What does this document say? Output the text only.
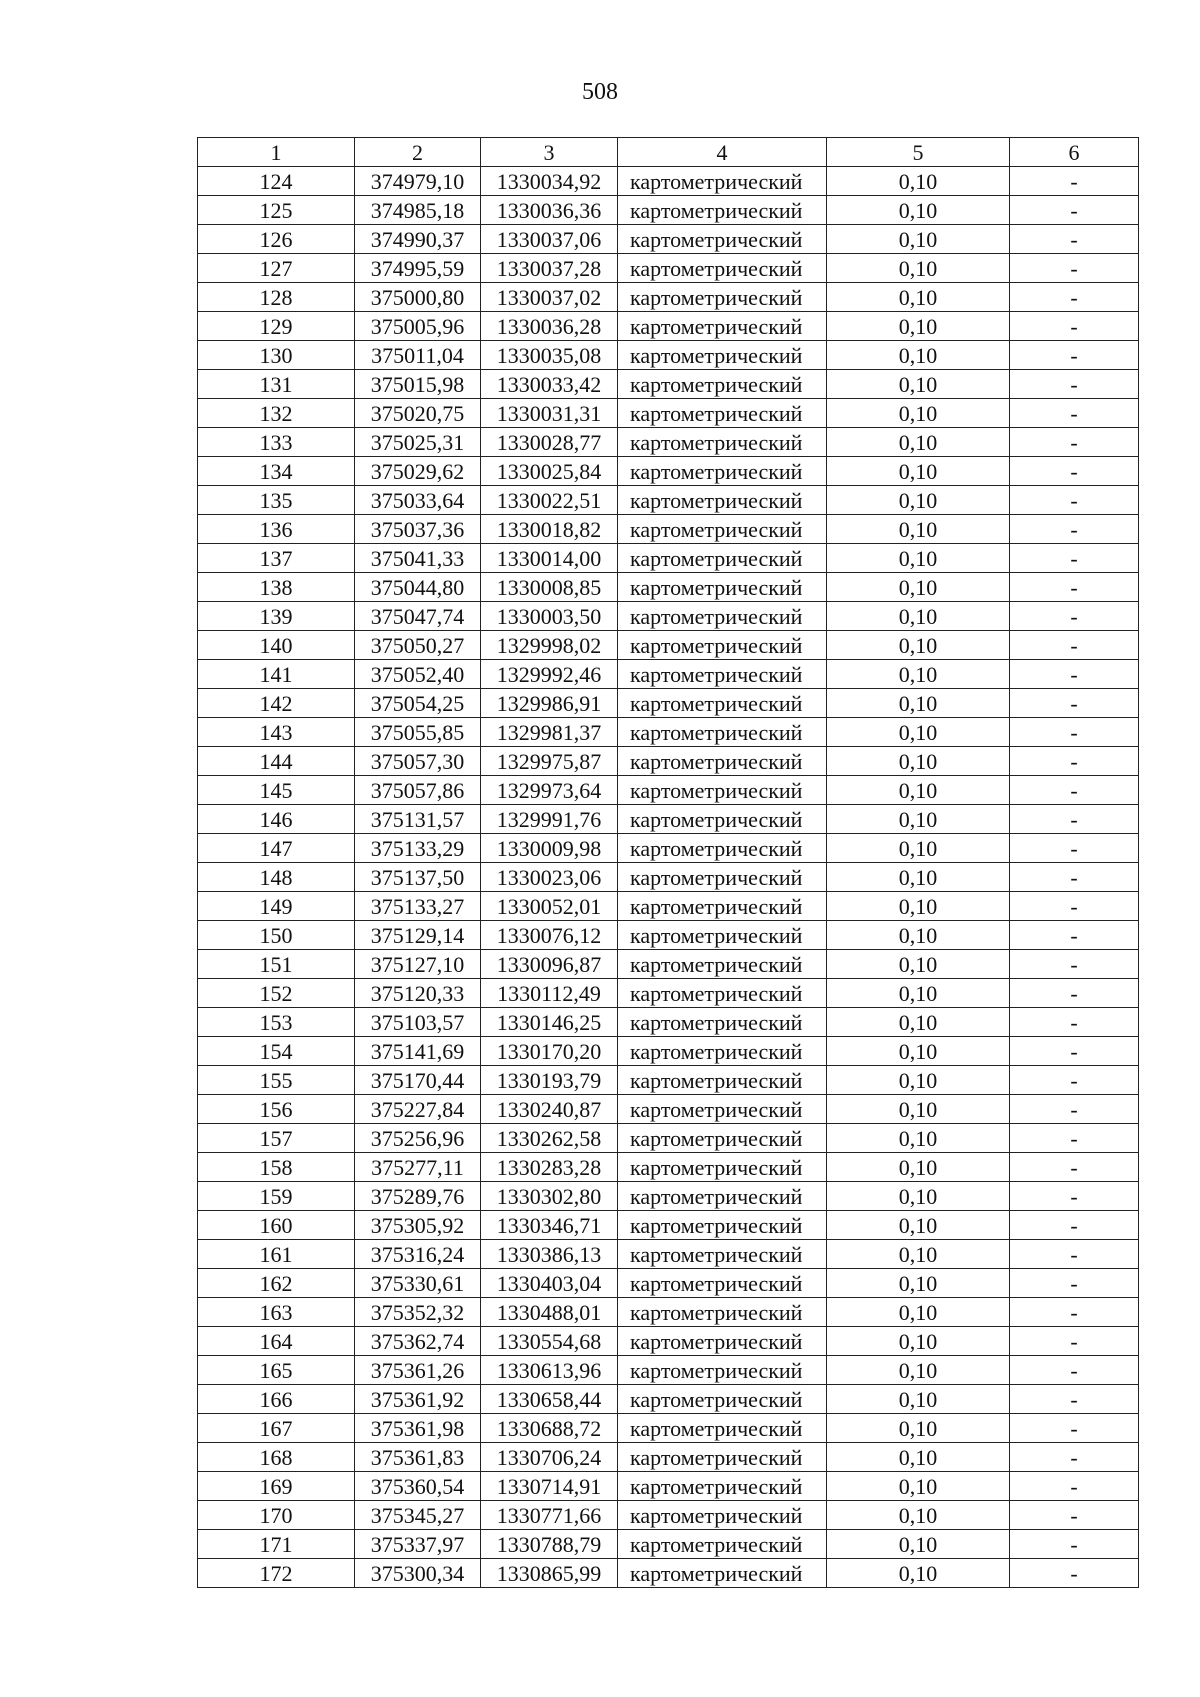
508
1	2	3	4	5	6
124	374979,10	1330034,92	картометрический	0,10	-
125	374985,18	1330036,36	картометрический	0,10	-
126	374990,37	1330037,06	картометрический	0,10	-
127	374995,59	1330037,28	картометрический	0,10	-
128	375000,80	1330037,02	картометрический	0,10	-
129	375005,96	1330036,28	картометрический	0,10	-
130	375011,04	1330035,08	картометрический	0,10	-
131	375015,98	1330033,42	картометрический	0,10	-
132	375020,75	1330031,31	картометрический	0,10	-
133	375025,31	1330028,77	картометрический	0,10	-
134	375029,62	1330025,84	картометрический	0,10	-
135	375033,64	1330022,51	картометрический	0,10	-
136	375037,36	1330018,82	картометрический	0,10	-
137	375041,33	1330014,00	картометрический	0,10	-
138	375044,80	1330008,85	картометрический	0,10	-
139	375047,74	1330003,50	картометрический	0,10	-
140	375050,27	1329998,02	картометрический	0,10	-
141	375052,40	1329992,46	картометрический	0,10	-
142	375054,25	1329986,91	картометрический	0,10	-
143	375055,85	1329981,37	картометрический	0,10	-
144	375057,30	1329975,87	картометрический	0,10	-
145	375057,86	1329973,64	картометрический	0,10	-
146	375131,57	1329991,76	картометрический	0,10	-
147	375133,29	1330009,98	картометрический	0,10	-
148	375137,50	1330023,06	картометрический	0,10	-
149	375133,27	1330052,01	картометрический	0,10	-
150	375129,14	1330076,12	картометрический	0,10	-
151	375127,10	1330096,87	картометрический	0,10	-
152	375120,33	1330112,49	картометрический	0,10	-
153	375103,57	1330146,25	картометрический	0,10	-
154	375141,69	1330170,20	картометрический	0,10	-
155	375170,44	1330193,79	картометрический	0,10	-
156	375227,84	1330240,87	картометрический	0,10	-
157	375256,96	1330262,58	картометрический	0,10	-
158	375277,11	1330283,28	картометрический	0,10	-
159	375289,76	1330302,80	картометрический	0,10	-
160	375305,92	1330346,71	картометрический	0,10	-
161	375316,24	1330386,13	картометрический	0,10	-
162	375330,61	1330403,04	картометрический	0,10	-
163	375352,32	1330488,01	картометрический	0,10	-
164	375362,74	1330554,68	картометрический	0,10	-
165	375361,26	1330613,96	картометрический	0,10	-
166	375361,92	1330658,44	картометрический	0,10	-
167	375361,98	1330688,72	картометрический	0,10	-
168	375361,83	1330706,24	картометрический	0,10	-
169	375360,54	1330714,91	картометрический	0,10	-
170	375345,27	1330771,66	картометрический	0,10	-
171	375337,97	1330788,79	картометрический	0,10	-
172	375300,34	1330865,99	картометрический	0,10	-
